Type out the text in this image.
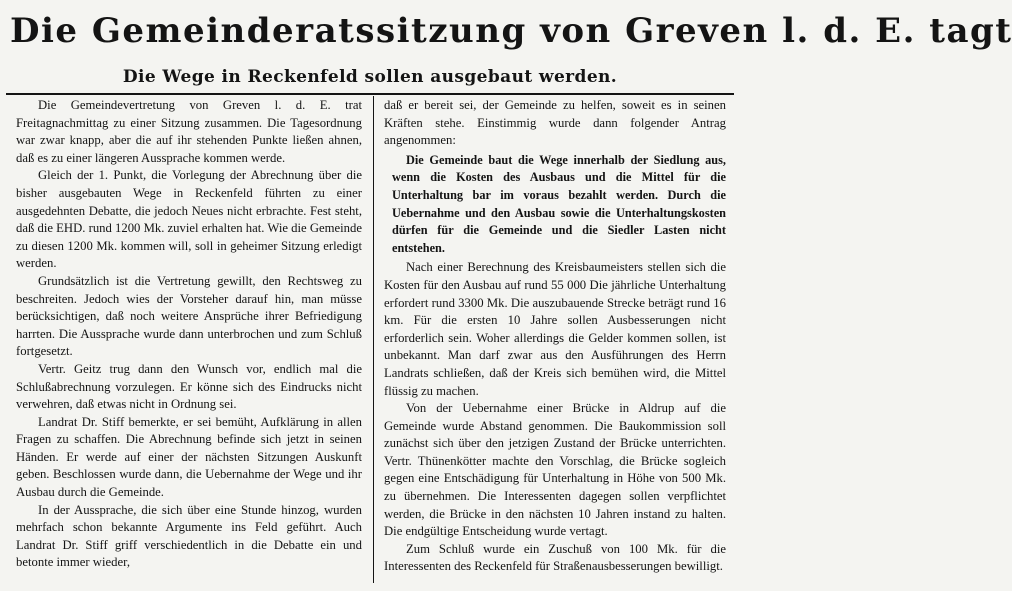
Die Gemeinderatssitzung von Greven l. d. E. tagt
Die Wege in Reckenfeld sollen ausgebaut werden.

Die Gemeindevertretung von Greven l. d. E. trat Freitagnachmittag zu einer Sitzung zusammen. Die Tagesordnung war zwar knapp, aber die auf ihr stehenden Punkte ließen ahnen, daß es zu einer längeren Aussprache kommen werde.

Gleich der 1. Punkt, die Vorlegung der Abrechnung über die bisher ausgebauten Wege in Reckenfeld führten zu einer ausgedehnten Debatte, die jedoch Neues nicht erbrachte. Fest steht, daß die EHD. rund 1200 Mk. zuviel erhalten hat. Wie die Gemeinde zu diesen 1200 Mk. kommen will, soll in geheimer Sitzung erledigt werden.

Grundsätzlich ist die Vertretung gewillt, den Rechtsweg zu beschreiten. Jedoch wies der Vorsteher darauf hin, man müsse berücksichtigen, daß noch weitere Ansprüche ihrer Befriedigung harrten. Die Aussprache wurde dann unterbrochen und zum Schluß fortgesetzt.

Vertr. Geitz trug dann den Wunsch vor, endlich mal die Schlußabrechnung vorzulegen. Er könne sich des Eindrucks nicht verwehren, daß etwas nicht in Ordnung sei.

Landrat Dr. Stiff bemerkte, er sei bemüht, Aufklärung in allen Fragen zu schaffen. Die Abrechnung befinde sich jetzt in seinen Händen. Er werde auf einer der nächsten Sitzungen Auskunft geben. Beschlossen wurde dann, die Uebernahme der Wege und ihr Ausbau durch die Gemeinde.

In der Aussprache, die sich über eine Stunde hinzog, wurden mehrfach schon bekannte Argumente ins Feld geführt. Auch Landrat Dr. Stiff griff verschiedentlich in die Debatte ein und betonte immer wieder,

daß er bereit sei, der Gemeinde zu helfen, soweit es in seinen Kräften stehe. Einstimmig wurde dann folgender Antrag angenommen:

Die Gemeinde baut die Wege innerhalb der Siedlung aus, wenn die Kosten des Ausbaus und die Mittel für die Unterhaltung bar im voraus bezahlt werden. Durch die Uebernahme und den Ausbau sowie die Unterhaltungskosten dürfen für die Gemeinde und die Siedler Lasten nicht entstehen.

Nach einer Berechnung des Kreisbaumeisters stellen sich die Kosten für den Ausbau auf rund 55 000 Die jährliche Unterhaltung erfordert rund 3300 Mk. Die auszubauende Strecke beträgt rund 16 km. Für die ersten 10 Jahre sollen Ausbesserungen nicht erforderlich sein. Woher allerdings die Gelder kommen sollen, ist unbekannt. Man darf zwar aus den Ausführungen des Herrn Landrats schließen, daß der Kreis sich bemühen wird, die Mittel flüssig zu machen.

Von der Uebernahme einer Brücke in Aldrup auf die Gemeinde wurde Abstand genommen. Die Baukommission soll zunächst sich über den jetzigen Zustand der Brücke unterrichten. Vertr. Thünenkötter machte den Vorschlag, die Brücke sogleich gegen eine Entschädigung für Unterhaltung in Höhe von 500 Mk. zu übernehmen. Die Interessenten dagegen sollen verpflichtet werden, die Brücke in den nächsten 10 Jahren instand zu halten. Die endgültige Entscheidung wurde vertagt.

Zum Schluß wurde ein Zuschuß von 100 Mk. für die Interessenten des Reckenfeld für Straßenausbesserungen bewilligt.
